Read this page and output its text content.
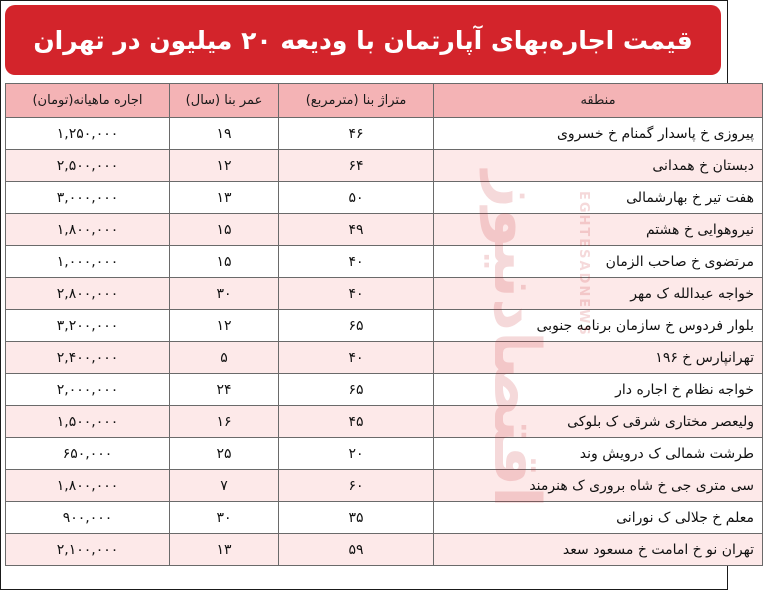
قیمت اجاره‌بهای آپارتمان با ودیعه ۲۰ میلیون در تهران
منطقه	متراژ بنا (مترمربع)	عمر بنا (سال)	اجاره ماهیانه(تومان)
پیروزی خ پاسدار گمنام خ خسروی	۴۶	۱۹	۱,۲۵۰,۰۰۰
دبستان خ همدانی	۶۴	۱۲	۲,۵۰۰,۰۰۰
هفت تیر خ بهارشمالی	۵۰	۱۳	۳,۰۰۰,۰۰۰
نیروهوایی خ هشتم	۴۹	۱۵	۱,۸۰۰,۰۰۰
مرتضوی خ صاحب الزمان	۴۰	۱۵	۱,۰۰۰,۰۰۰
خواجه عبدالله ک مهر	۴۰	۳۰	۲,۸۰۰,۰۰۰
بلوار فردوس خ سازمان برنامه جنوبی	۶۵	۱۲	۳,۲۰۰,۰۰۰
تهرانپارس خ ۱۹۶	۴۰	۵	۲,۴۰۰,۰۰۰
خواجه نظام خ اجاره دار	۶۵	۲۴	۲,۰۰۰,۰۰۰
ولیعصر مختاری شرقی ک بلوکی	۴۵	۱۶	۱,۵۰۰,۰۰۰
طرشت شمالی ک درویش وند	۲۰	۲۵	۶۵۰,۰۰۰
سی متری جی خ شاه بروری ک هنرمند	۶۰	۷	۱,۸۰۰,۰۰۰
معلم خ جلالی ک نورانی	۳۵	۳۰	۹۰۰,۰۰۰
تهران نو خ امامت خ مسعود سعد	۵۹	۱۳	۲,۱۰۰,۰۰۰
